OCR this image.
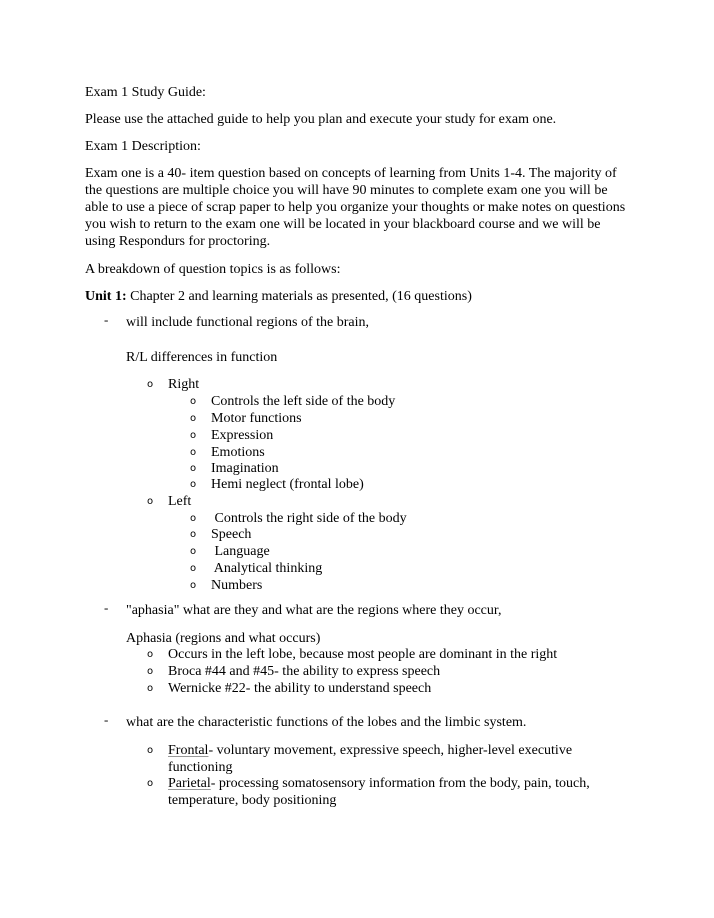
Exam 1 Study Guide:
Please use the attached guide to help you plan and execute your study for exam one.
Exam 1 Description:
Exam one is a 40- item question based on concepts of learning from Units 1-4. The majority of
the questions are multiple choice you will have 90 minutes to complete exam one you will be
able to use a piece of scrap paper to help you organize your thoughts or make notes on questions
you wish to return to the exam one will be located in your blackboard course and we will be
using Respondurs for proctoring.
A breakdown of question topics is as follows:
Unit 1: Chapter 2 and learning materials as presented, (16 questions)
- will include functional regions of the brain,
R/L differences in function
o Right
o Controls the left side of the body
o Motor functions
o Expression
o Emotions
o Imagination
o Hemi neglect (frontal lobe)
o Left
o Controls the right side of the body
o Speech
o Language
o Analytical thinking
o Numbers
- "aphasia" what are they and what are the regions where they occur,
Aphasia (regions and what occurs)
o Occurs in the left lobe, because most people are dominant in the right
o Broca #44 and #45- the ability to express speech
o Wernicke #22- the ability to understand speech
- what are the characteristic functions of the lobes and the limbic system.
o Frontal- voluntary movement, expressive speech, higher-level executive
functioning
o Parietal- processing somatosensory information from the body, pain, touch,
temperature, body positioning
